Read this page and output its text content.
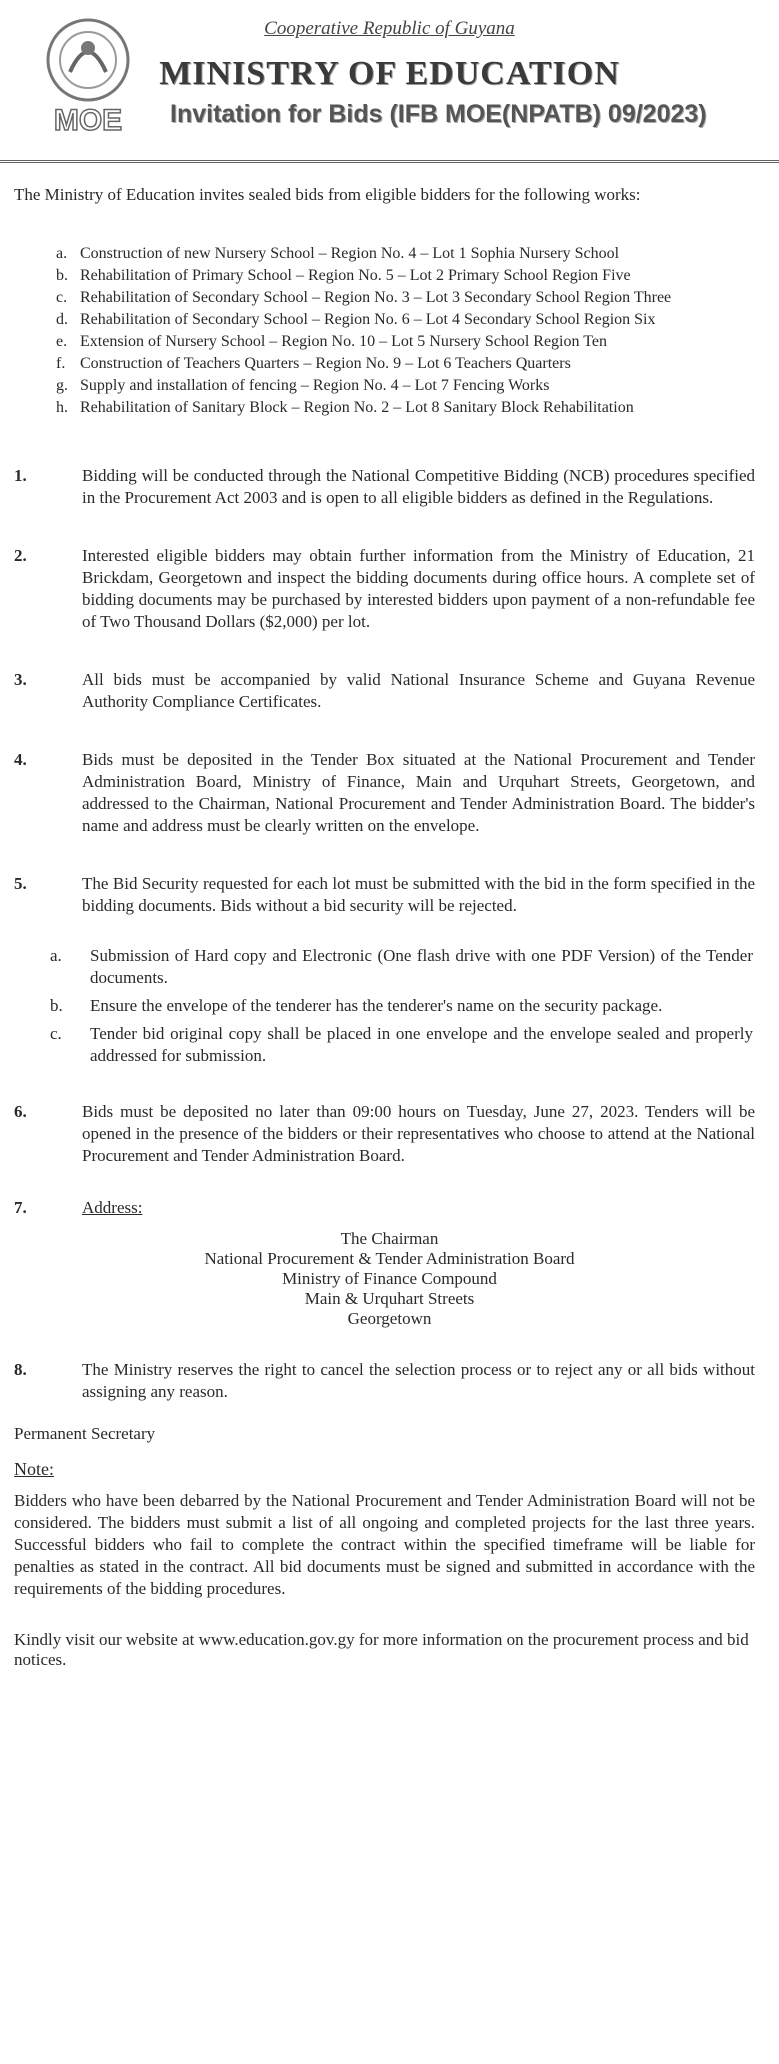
MOE
Cooperative Republic of Guyana
MINISTRY OF EDUCATION
Invitation for Bids (IFB MOE(NPATB) 09/2023)
The Ministry of Education invites sealed bids from eligible bidders for the following works:
a. Construction of new Nursery School – Region No. 4 – Lot 1 Sophia Nursery School
b. Rehabilitation of Primary School – Region No. 5 – Lot 2 Primary School Region Five
c. Rehabilitation of Secondary School – Region No. 3 – Lot 3 Secondary School Region Three
d. Rehabilitation of Secondary School – Region No. 6 – Lot 4 Secondary School Region Six
e. Extension of Nursery School – Region No. 10 – Lot 5 Nursery School Region Ten
f. Construction of Teachers Quarters – Region No. 9 – Lot 6 Teachers Quarters
g. Supply and installation of fencing – Region No. 4 – Lot 7 Fencing Works
h. Rehabilitation of Sanitary Block – Region No. 2 – Lot 8 Sanitary Block Rehabilitation
1.	Bidding will be conducted through the National Competitive Bidding (NCB) procedures specified in the Procurement Act 2003 and is open to all eligible bidders as defined in the Regulations.
2.	Interested eligible bidders may obtain further information from the Ministry of Education, 21 Brickdam, Georgetown and inspect the bidding documents during office hours. A complete set of bidding documents may be purchased by interested bidders upon payment of a non-refundable fee of Two Thousand Dollars ($2,000) per lot.
3.	All bids must be accompanied by valid National Insurance Scheme and Guyana Revenue Authority Compliance Certificates.
4.	Bids must be deposited in the Tender Box situated at the National Procurement and Tender Administration Board, Ministry of Finance, Main and Urquhart Streets, Georgetown, and addressed to the Chairman, National Procurement and Tender Administration Board. The bidder's name and address must be clearly written on the envelope.
5.	The Bid Security requested for each lot must be submitted with the bid in the form specified in the bidding documents. Bids without a bid security will be rejected.
a. Submission of Hard copy and Electronic (One flash drive with one PDF Version) of the Tender documents.
b. Ensure the envelope of the tenderer has the tenderer's name on the security package.
c. Tender bid original copy shall be placed in one envelope and the envelope sealed and properly addressed for submission.
6.	Bids must be deposited no later than 09:00 hours on Tuesday, June 27, 2023. Tenders will be opened in the presence of the bidders or their representatives who choose to attend at the National Procurement and Tender Administration Board.
7.	Address:
The Chairman
National Procurement & Tender Administration Board
Ministry of Finance Compound
Main & Urquhart Streets
Georgetown
8.	The Ministry reserves the right to cancel the selection process or to reject any or all bids without assigning any reason.
Permanent Secretary
Note:
Bidders who have been debarred by the National Procurement and Tender Administration Board will not be considered. The bidders must submit a list of all ongoing and completed projects for the last three years. Successful bidders who fail to complete the contract within the specified timeframe will be liable for penalties as stated in the contract. All bid documents must be signed and submitted in accordance with the requirements of the bidding procedures.
Kindly visit our website at www.education.gov.gy for more information on the procurement process and bid notices.
